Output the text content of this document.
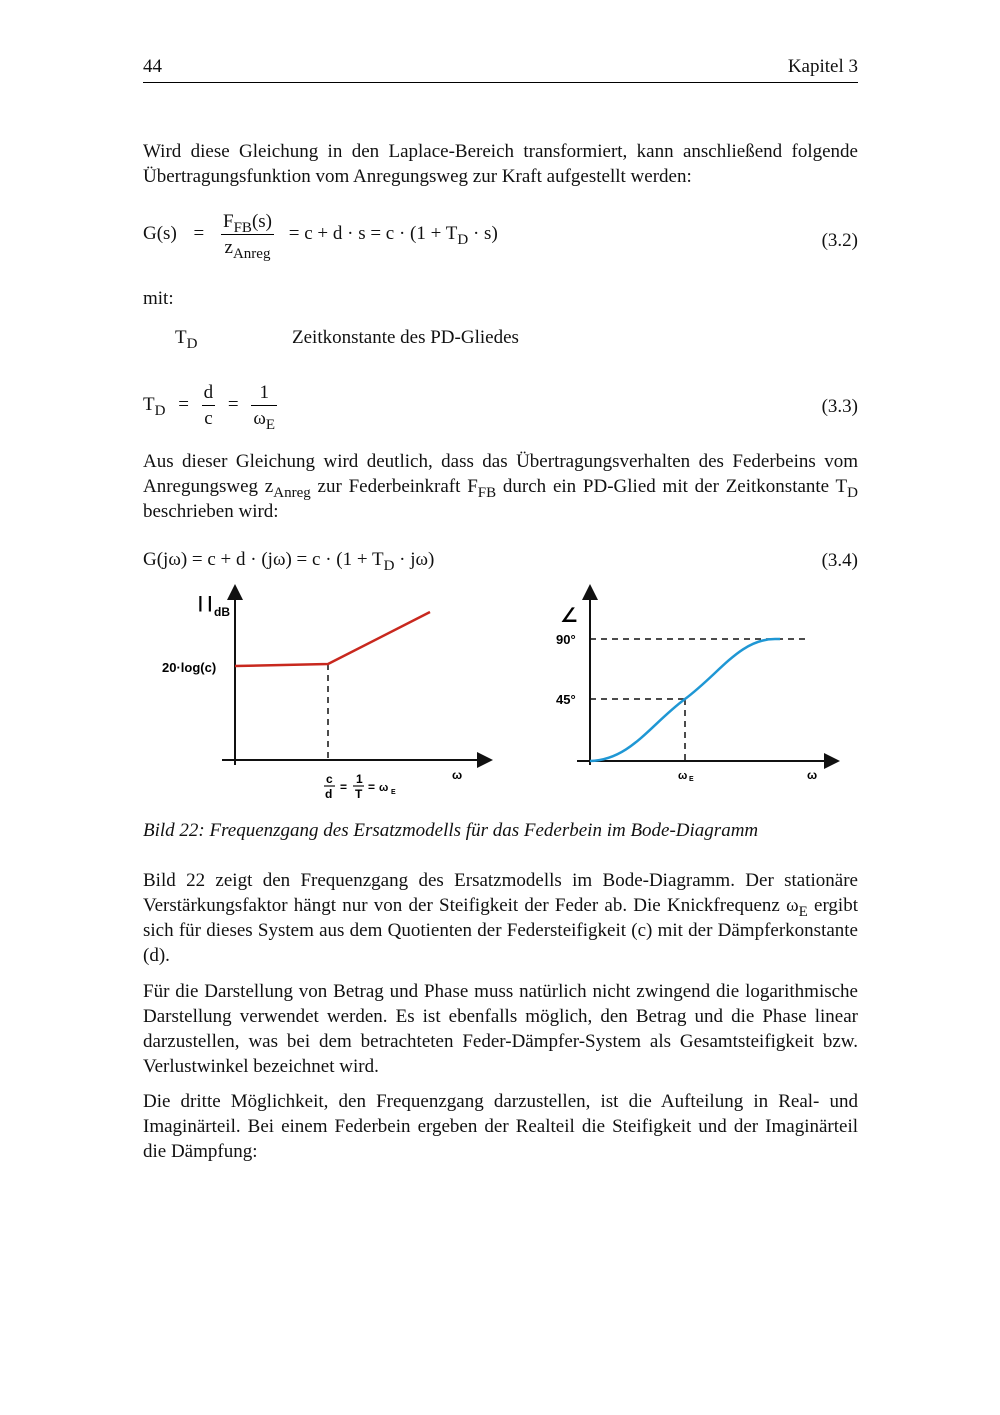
44	Kapitel 3

Wird diese Gleichung in den Laplace-Bereich transformiert, kann anschließend folgende Übertragungsfunktion vom Anregungsweg zur Kraft aufgestellt werden:

$G(s) = \frac{F_{FB}(s)}{z_{Anreg}} = c + d \cdot s = c \cdot (1 + T_D \cdot s)$	(3.2)
mit:
$T_D$	Zeitkonstante des PD-Gliedes
$T_D = \frac{d}{c} = \frac{1}{\omega_E}$	(3.3)

Aus dieser Gleichung wird deutlich, dass das Übertragungsverhalten des Federbeins vom Anregungsweg $z_{Anreg}$ zur Federbeinkraft $F_{FB}$ durch ein PD-Glied mit der Zeitkonstante $T_D$ beschrieben wird:

$G(j\omega) = c + d \cdot (j\omega) = c \cdot (1 + T_D \cdot j\omega)$	(3.4)
| | dB
20·log(c)
ω
c
d =
1
T = ω E
∠
90°
45°
ω E	ω
Bild 22: Frequenzgang des Ersatzmodells für das Federbein im Bode-Diagramm

Bild 22 zeigt den Frequenzgang des Ersatzmodells im Bode-Diagramm. Der stationäre Verstärkungsfaktor hängt nur von der Steifigkeit der Feder ab. Die Knickfrequenz $\omega_E$ ergibt sich für dieses System aus dem Quotienten der Federsteifigkeit (c) mit der Dämpferkonstante (d).

Für die Darstellung von Betrag und Phase muss natürlich nicht zwingend die logarithmische Darstellung verwendet werden. Es ist ebenfalls möglich, den Betrag und die Phase linear darzustellen, was bei dem betrachteten Feder-Dämpfer-System als Gesamtsteifigkeit bzw. Verlustwinkel bezeichnet wird.

Die dritte Möglichkeit, den Frequenzgang darzustellen, ist die Aufteilung in Real- und Imaginärteil. Bei einem Federbein ergeben der Realteil die Steifigkeit und der Imaginärteil die Dämpfung:
